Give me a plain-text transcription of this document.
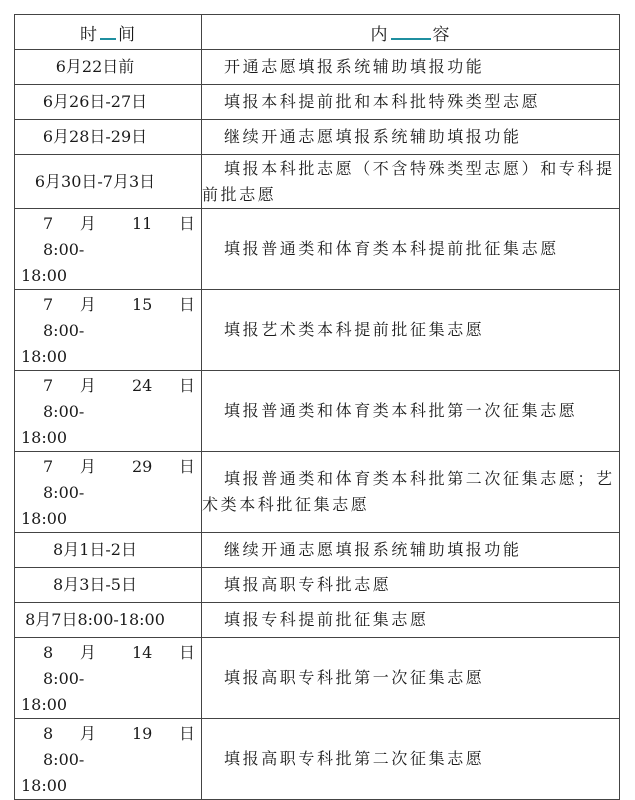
时 间	内 容
6月22日前	开通志愿填报系统辅助填报功能

6月26日-27日	填报本科提前批和本科批特殊类型志愿

6月28日-29日	继续开通志愿填报系统辅助填报功能

6月30日-7月3日	填报本科批志愿（不含特殊类型志愿）和专科提前批志愿

7 月 11 日 8:00-
18:00	填报普通类和体育类本科提前批征集志愿

7 月 15 日 8:00-
18:00	填报艺术类本科提前批征集志愿

7 月 24 日 8:00-
18:00	填报普通类和体育类本科批第一次征集志愿

7 月 29 日 8:00-
18:00	填报普通类和体育类本科批第二次征集志愿；艺术类本科批征集志愿

8月1日-2日	继续开通志愿填报系统辅助填报功能

8月3日-5日	填报高职专科批志愿

8月7日8:00-18:00	填报专科提前批征集志愿

8 月 14 日 8:00-
18:00	填报高职专科批第一次征集志愿

8 月 19 日 8:00-
18:00	填报高职专科批第二次征集志愿
